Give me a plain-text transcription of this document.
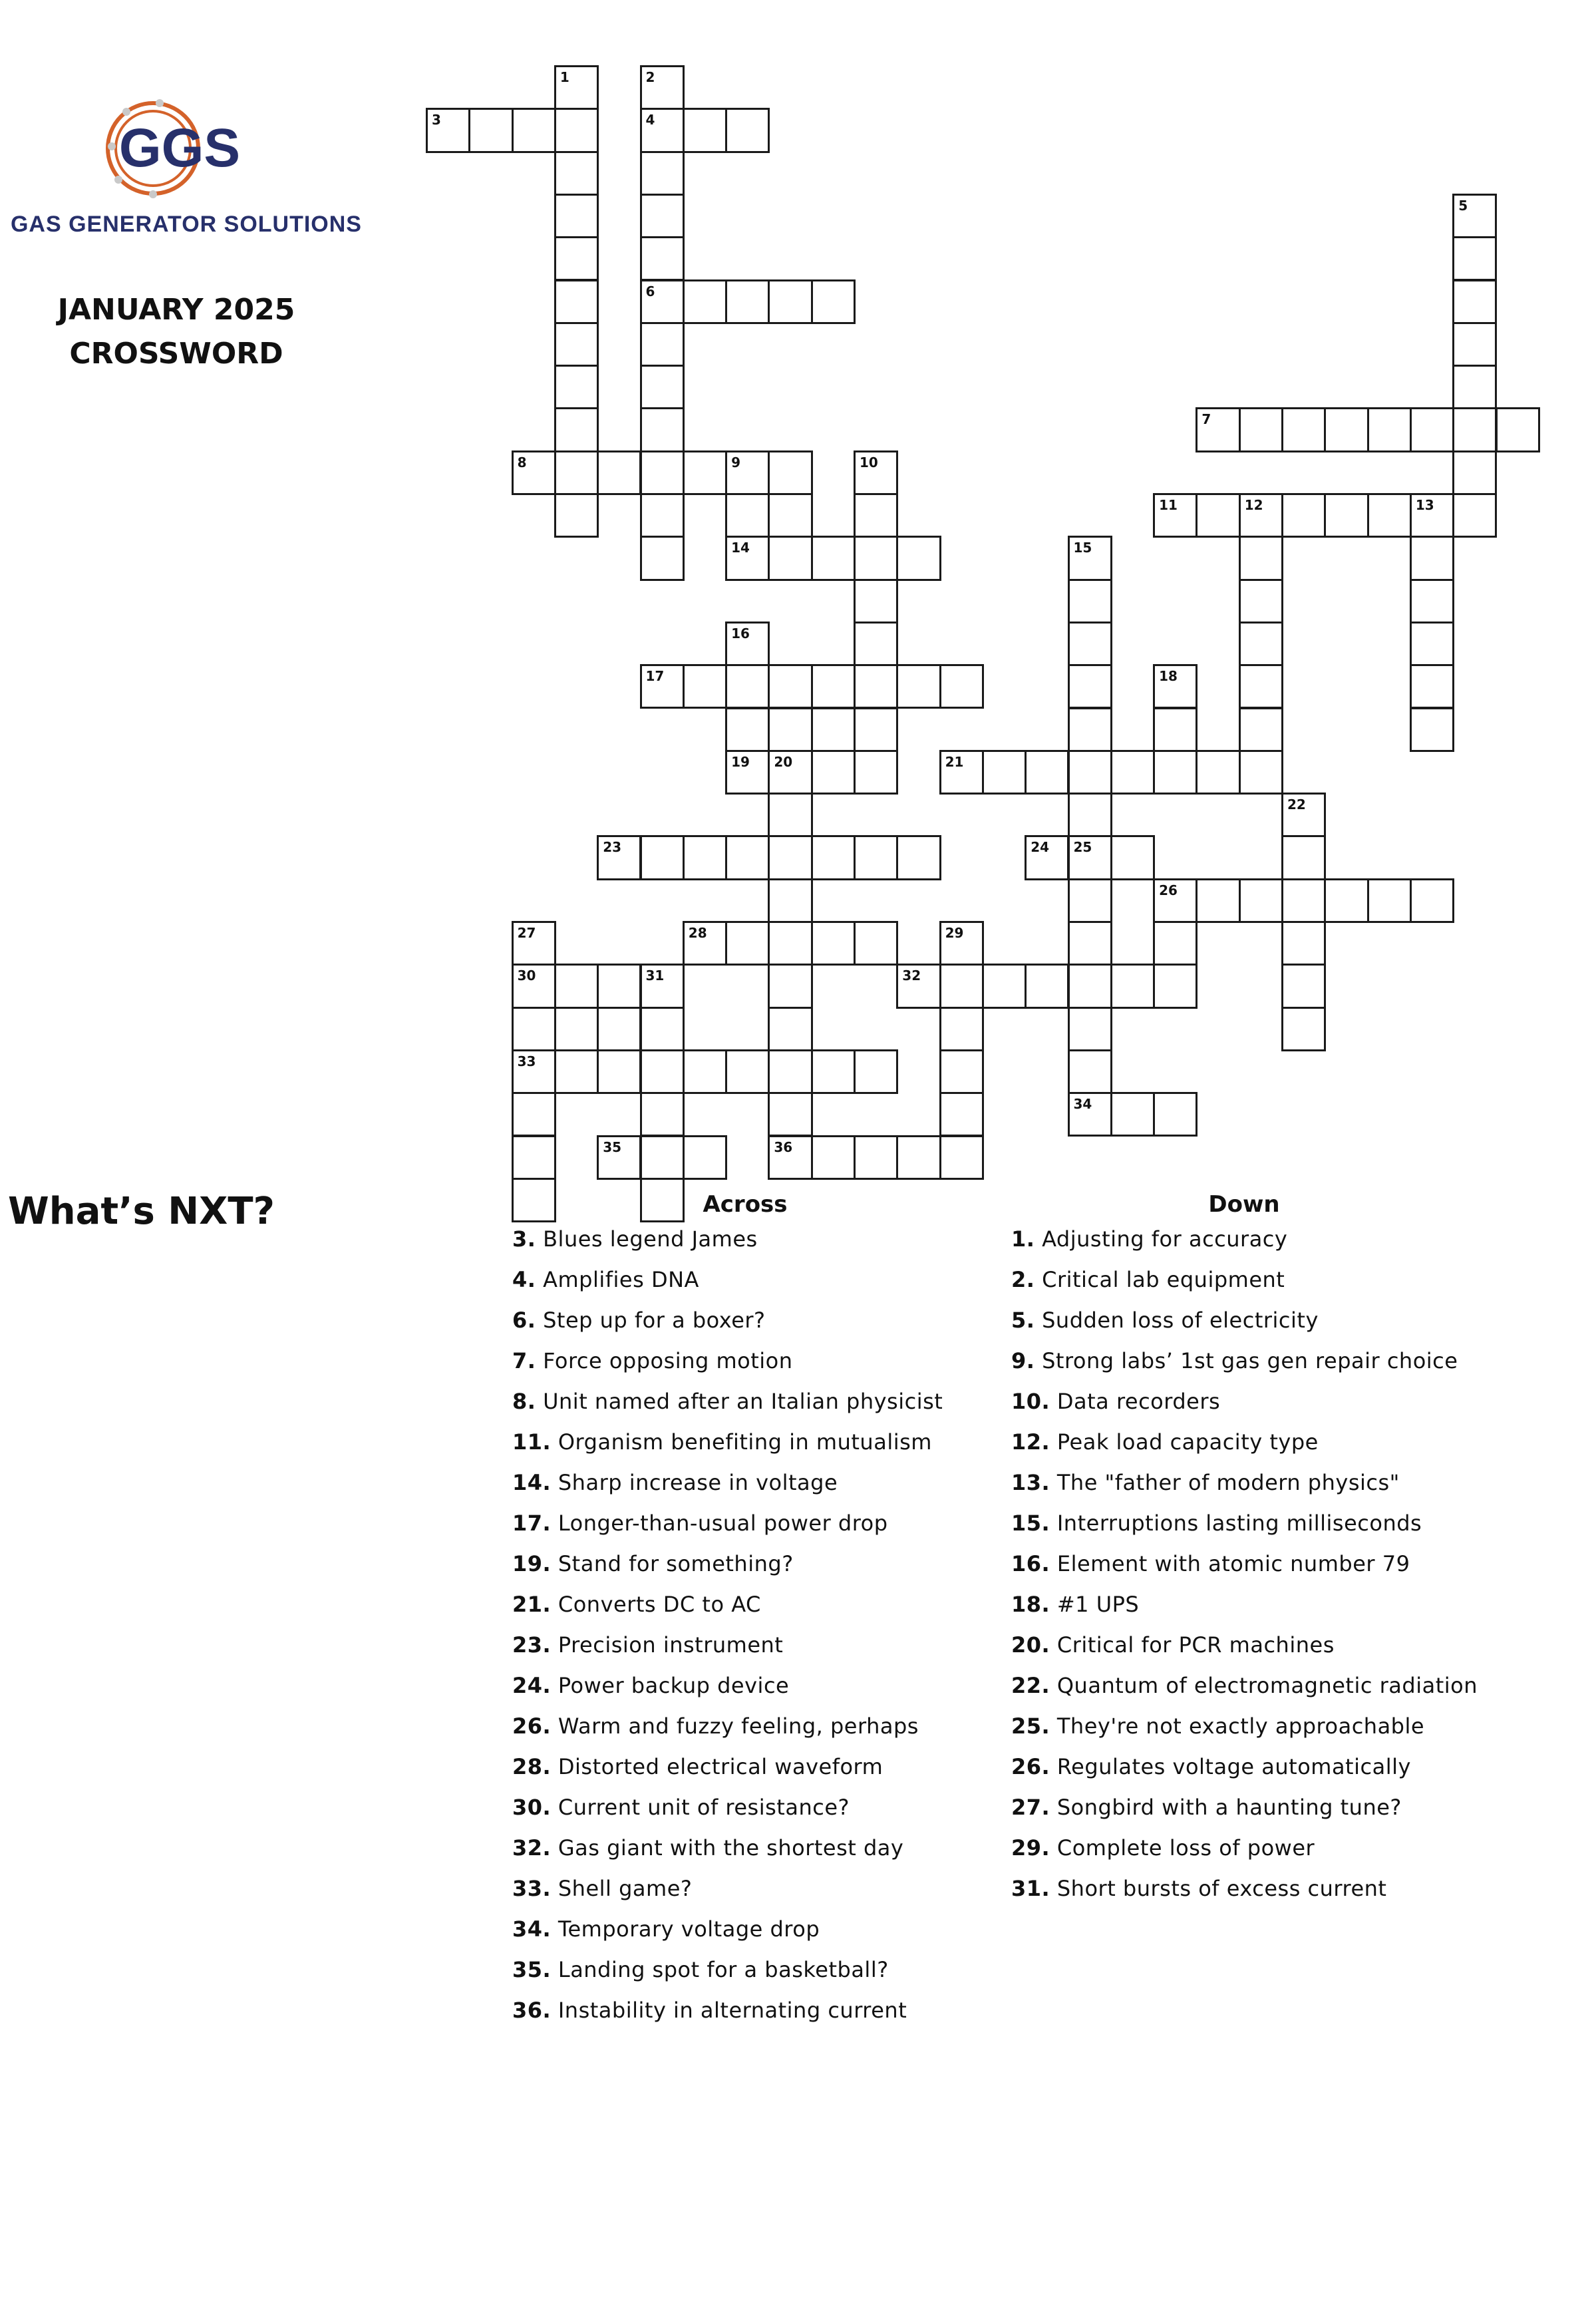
GGS
GAS GENERATOR SOLUTIONS
JANUARY 2025
CROSSWORD
What’s NXT?
1	2
3	4
5
6
7
8	9	10
11	12	13
14	15
16
17	18
19 20	21
22
23	24 25
26
27	28	29
30	31	32
33
34
35	36
Across	Down
3. Blues legend James
4. Amplifies DNA
6. Step up for a boxer?
7. Force opposing motion
8. Unit named after an Italian physicist
11. Organism benefiting in mutualism
14. Sharp increase in voltage
17. Longer-than-usual power drop
19. Stand for something?
21. Converts DC to AC
23. Precision instrument
24. Power backup device
26. Warm and fuzzy feeling, perhaps
28. Distorted electrical waveform
30. Current unit of resistance?
32. Gas giant with the shortest day
33. Shell game?
34. Temporary voltage drop
35. Landing spot for a basketball?
36. Instability in alternating current
1. Adjusting for accuracy
2. Critical lab equipment
5. Sudden loss of electricity
9. Strong labs’ 1st gas gen repair choice
10. Data recorders
12. Peak load capacity type
13. The "father of modern physics"
15. Interruptions lasting milliseconds
16. Element with atomic number 79
18. #1 UPS
20. Critical for PCR machines
22. Quantum of electromagnetic radiation
25. They're not exactly approachable
26. Regulates voltage automatically
27. Songbird with a haunting tune?
29. Complete loss of power
31. Short bursts of excess current
